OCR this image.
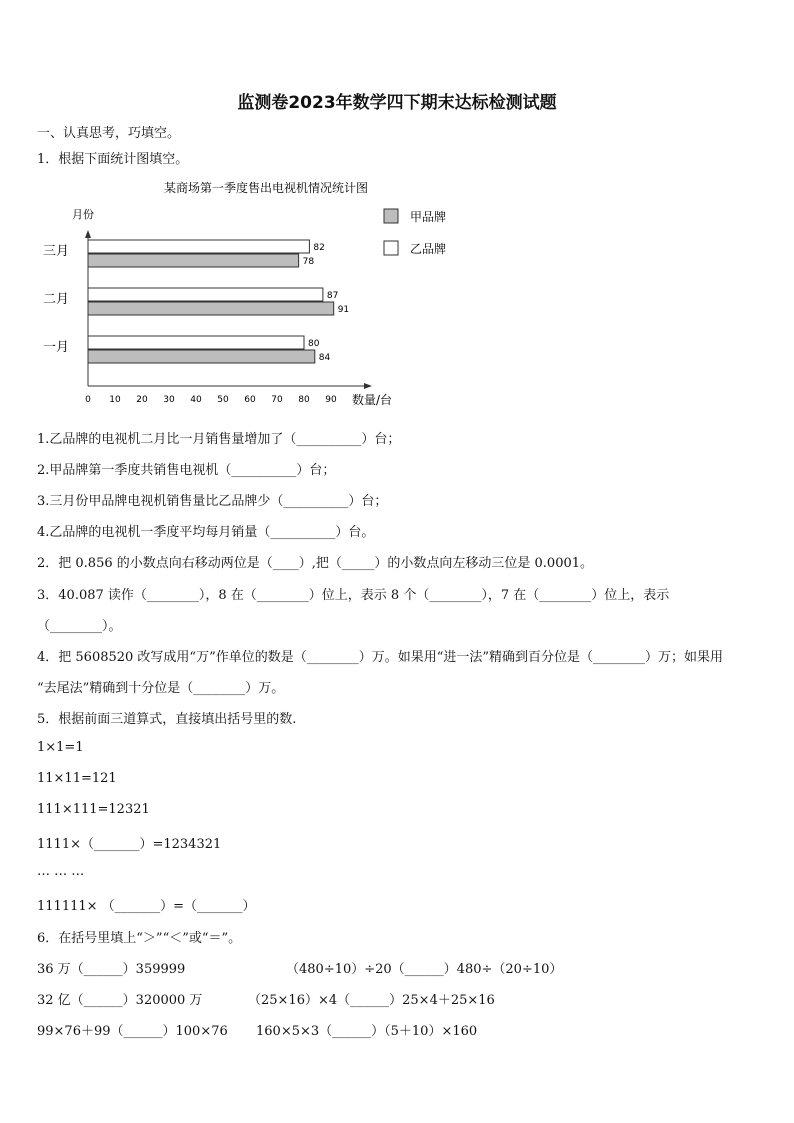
监测卷2023年数学四下期末达标检测试题
一、认真思考，巧填空。
1．根据下面统计图填空。
某商场第一季度售出电视机情况统计图
月份
数量/台
0 10 20 30 40 50 60 70 80 90
三月	82
78
二月	87
91
一月	80
84
甲品牌
乙品牌
1.乙品牌的电视机二月比一月销售量增加了（__________）台；
2.甲品牌第一季度共销售电视机（__________）台；
3.三月份甲品牌电视机销售量比乙品牌少（__________）台；
4.乙品牌的电视机一季度平均每月销量（__________）台。
2．把 0.856 的小数点向右移动两位是（____）,把（_____）的小数点向左移动三位是 0.0001。
3．40.087 读作（________），8 在（________）位上，表示 8 个（________），7 在（________）位上，表示
（________）。
4．把 5608520 改写成用“万”作单位的数是（________）万。如果用“进一法”精确到百分位是（________）万；如果用
“去尾法”精确到十分位是（________）万。
5．根据前面三道算式，直接填出括号里的数.
1×1=1
11×11=121
111×111=12321
1111×（_______）=1234321
… … …
111111× （_______）=（_______）
6．在括号里填上“＞”“＜”或“＝”。
36 万（______）359999	（480÷10）÷20（______）480÷（20÷10）
32 亿（______）320000 万	（25×16）×4（______）25×4＋25×16
99×76＋99（______）100×76 160×5×3（______）（5＋10）×160
